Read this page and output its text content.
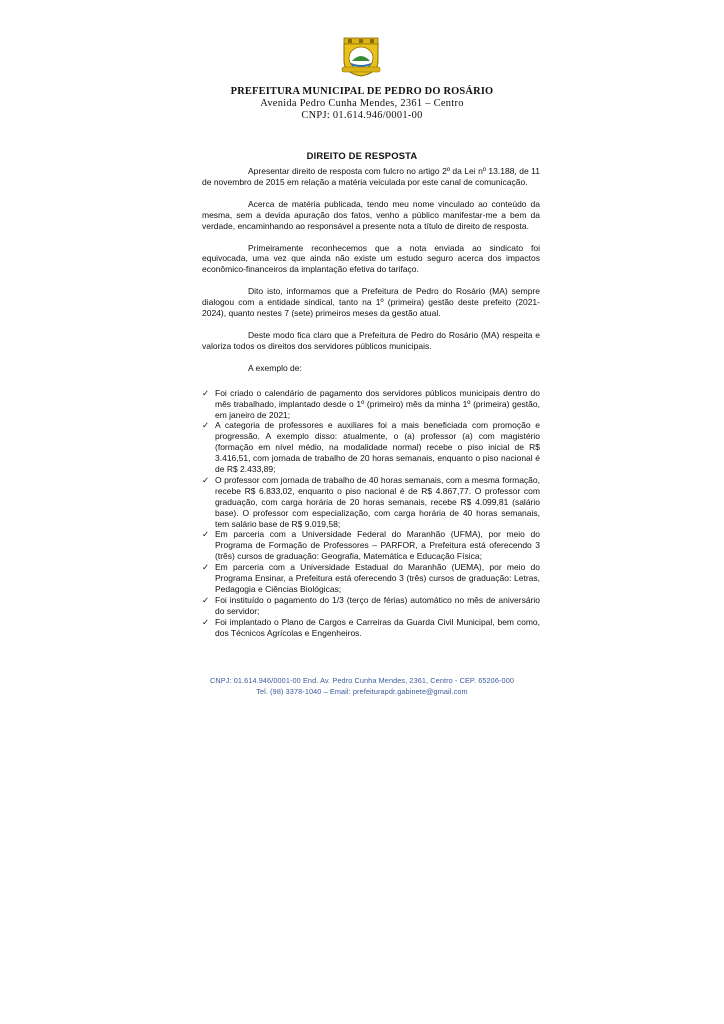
PREFEITURA MUNICIPAL DE PEDRO DO ROSÁRIO
Avenida Pedro Cunha Mendes, 2361 – Centro
CNPJ: 01.614.946/0001-00
DIREITO DE RESPOSTA

Apresentar direito de resposta com fulcro no artigo 2º da Lei nº 13.188, de 11 de novembro de 2015 em relação a matéria veiculada por este canal de comunicação.

Acerca de matéria publicada, tendo meu nome vinculado ao conteúdo da mesma, sem a devida apuração dos fatos, venho a público manifestar-me a bem da verdade, encaminhando ao responsável a presente nota a título de direito de resposta.

Primeiramente reconhecemos que a nota enviada ao sindicato foi equivocada, uma vez que ainda não existe um estudo seguro acerca dos impactos econômico-financeiros da implantação efetiva do tarifaço.

Dito isto, informamos que a Prefeitura de Pedro do Rosário (MA) sempre dialogou com a entidade sindical, tanto na 1º (primeira) gestão deste prefeito (2021-2024), quanto nestes 7 (sete) primeiros meses da gestão atual.

Deste modo fica claro que a Prefeitura de Pedro do Rosário (MA) respeita e valoriza todos os direitos dos servidores públicos municipais.

A exemplo de:

✓ Foi criado o calendário de pagamento dos servidores públicos municipais dentro do mês trabalhado, implantado desde o 1º (primeiro) mês da minha 1º (primeira) gestão, em janeiro de 2021;
✓ A categoria de professores e auxiliares foi a mais beneficiada com promoção e progressão. A exemplo disso: atualmente, o (a) professor (a) com magistério (formação em nível médio, na modalidade normal) recebe o piso inicial de R$ 3.416,51, com jornada de trabalho de 20 horas semanais, enquanto o piso nacional é de R$ 2.433,89;
✓ O professor com jornada de trabalho de 40 horas semanais, com a mesma formação, recebe R$ 6.833,02, enquanto o piso nacional é de R$ 4.867,77. O professor com graduação, com carga horária de 20 horas semanais, recebe R$ 4.099,81 (salário base). O professor com especialização, com carga horária de 40 horas semanais, tem salário base de R$ 9.019,58;
✓ Em parceria com a Universidade Federal do Maranhão (UFMA), por meio do Programa de Formação de Professores – PARFOR, a Prefeitura está oferecendo 3 (três) cursos de graduação: Geografia, Matemática e Educação Física;
✓ Em parceria com a Universidade Estadual do Maranhão (UEMA), por meio do Programa Ensinar, a Prefeitura está oferecendo 3 (três) cursos de graduação: Letras, Pedagogia e Ciências Biológicas;
✓ Foi instituído o pagamento do 1/3 (terço de férias) automático no mês de aniversário do servidor;
✓ Foi implantado o Plano de Cargos e Carreiras da Guarda Civil Municipal, bem como, dos Técnicos Agrícolas e Engenheiros.
CNPJ: 01.614.946/0001-00 End. Av. Pedro Cunha Mendes, 2361, Centro - CEP. 65206-000
Tel. (98) 3378-1040 – Email: prefeiturapdr.gabinete@gmail.com
